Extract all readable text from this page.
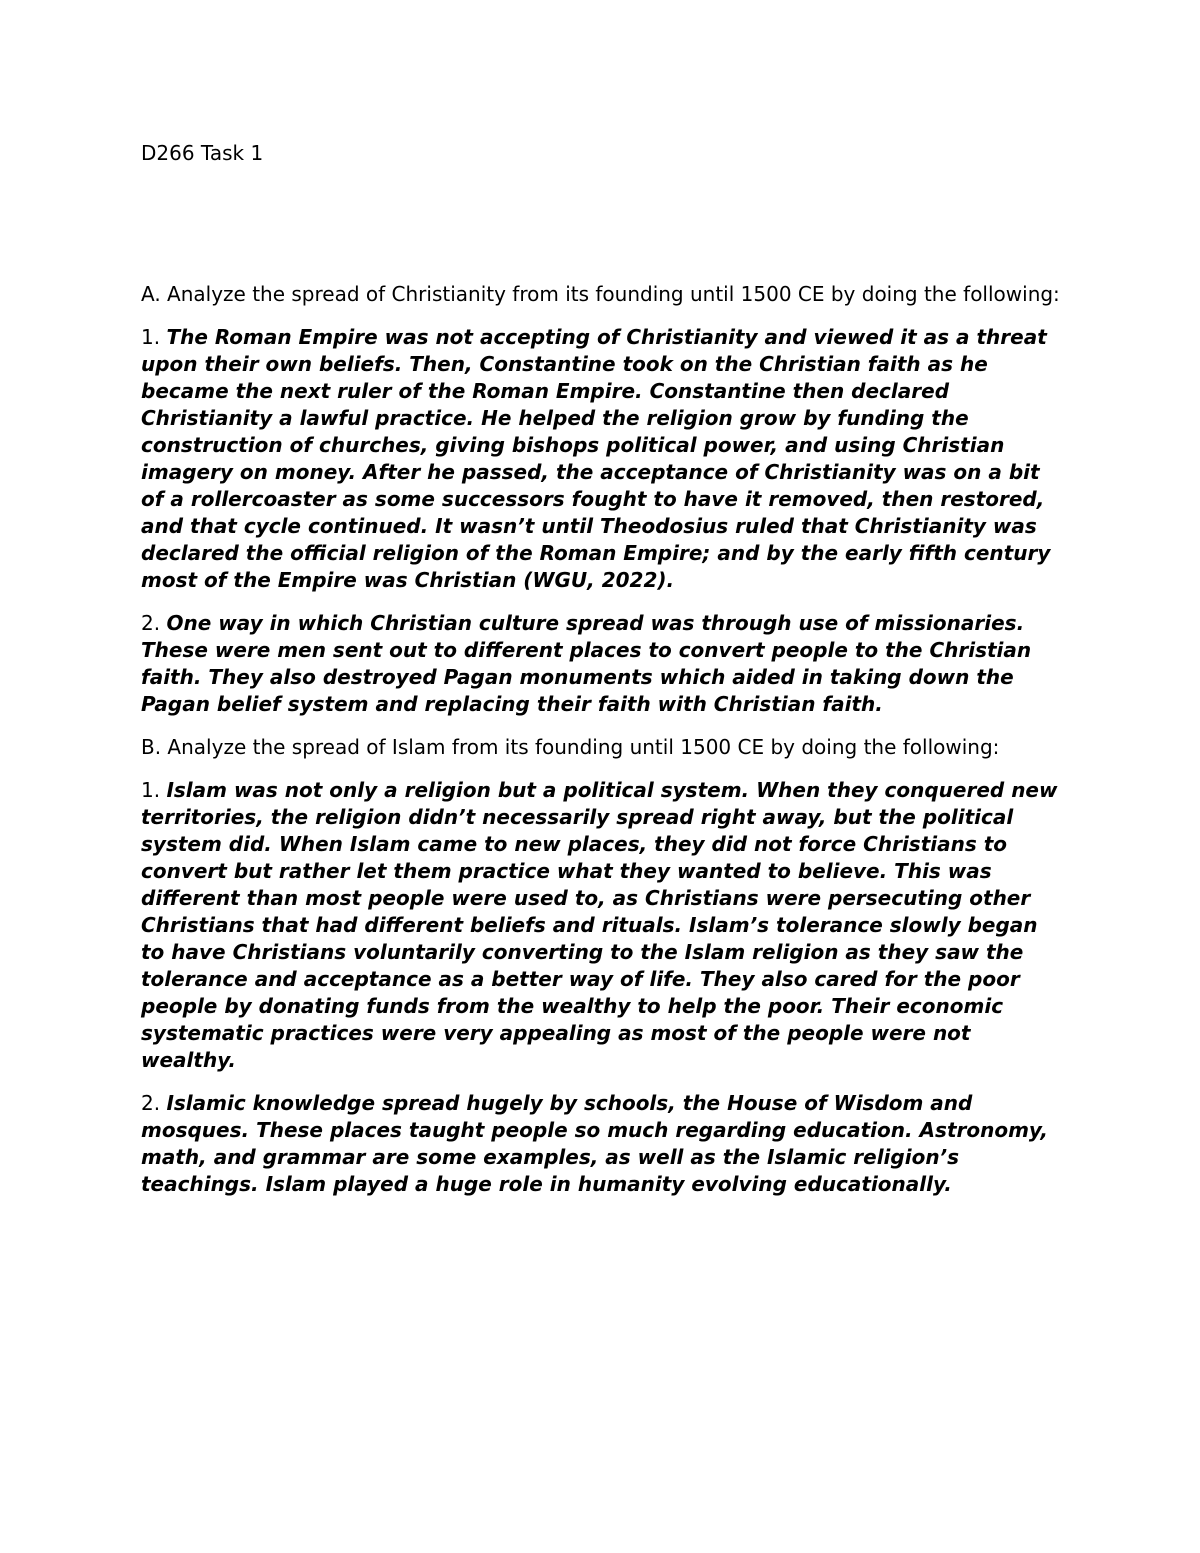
D266 Task 1

A. Analyze the spread of Christianity from its founding until 1500 CE by doing the following:

1. The Roman Empire was not accepting of Christianity and viewed it as a threat upon their own beliefs. Then, Constantine took on the Christian faith as he became the next ruler of the Roman Empire. Constantine then declared Christianity a lawful practice. He helped the religion grow by funding the construction of churches, giving bishops political power, and using Christian imagery on money. After he passed, the acceptance of Christianity was on a bit of a rollercoaster as some successors fought to have it removed, then restored, and that cycle continued. It wasn’t until Theodosius ruled that Christianity was declared the official religion of the Roman Empire; and by the early fifth century most of the Empire was Christian (WGU, 2022).

2. One way in which Christian culture spread was through use of missionaries. These were men sent out to different places to convert people to the Christian faith. They also destroyed Pagan monuments which aided in taking down the Pagan belief system and replacing their faith with Christian faith.

B. Analyze the spread of Islam from its founding until 1500 CE by doing the following:

1. Islam was not only a religion but a political system. When they conquered new territories, the religion didn’t necessarily spread right away, but the political system did. When Islam came to new places, they did not force Christians to convert but rather let them practice what they wanted to believe. This was different than most people were used to, as Christians were persecuting other Christians that had different beliefs and rituals. Islam’s tolerance slowly began to have Christians voluntarily converting to the Islam religion as they saw the tolerance and acceptance as a better way of life. They also cared for the poor people by donating funds from the wealthy to help the poor. Their economic systematic practices were very appealing as most of the people were not wealthy.

2. Islamic knowledge spread hugely by schools, the House of Wisdom and mosques. These places taught people so much regarding education. Astronomy, math, and grammar are some examples, as well as the Islamic religion’s teachings. Islam played a huge role in humanity evolving educationally.
